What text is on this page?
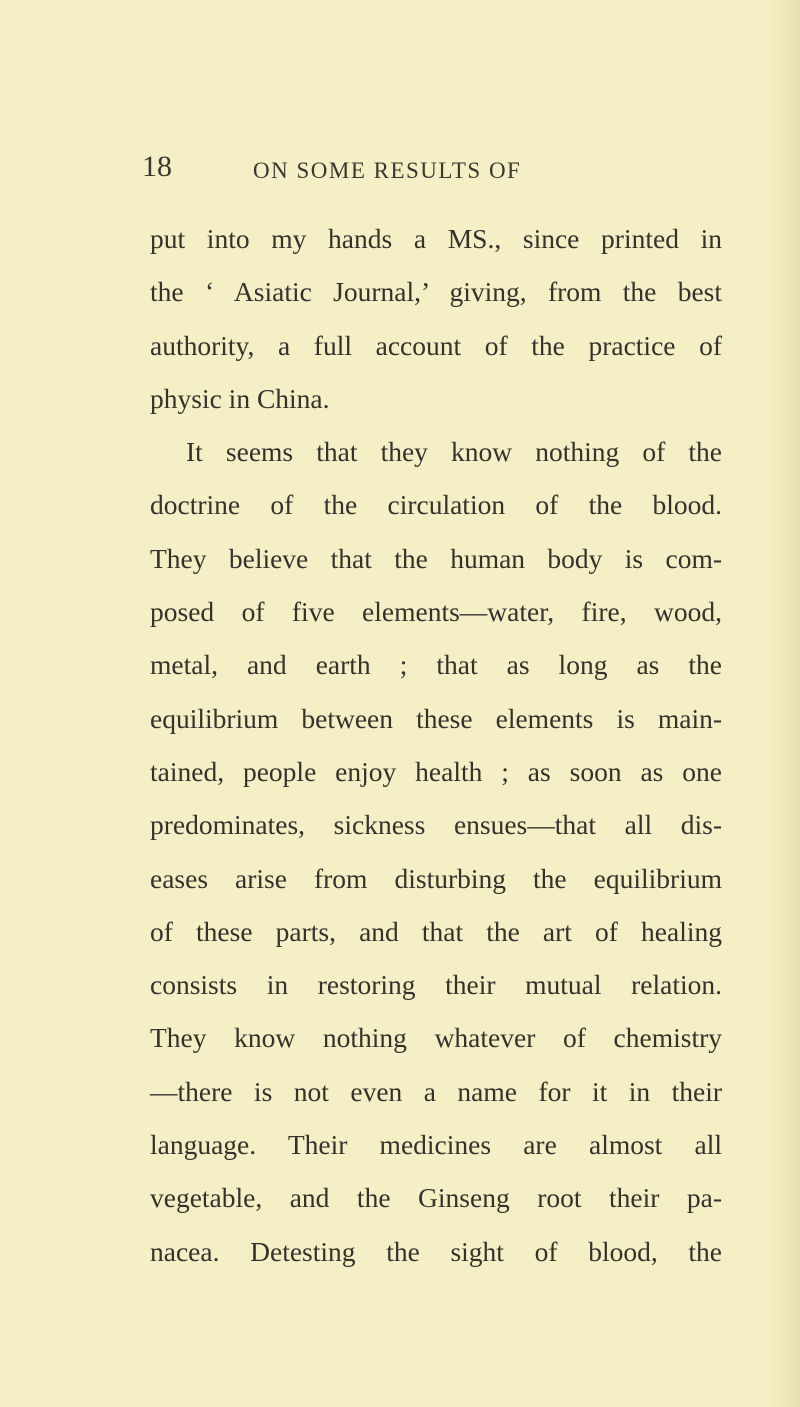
18	ON SOME RESULTS OF
put into my hands a MS., since printed in
the ‘ Asiatic Journal,’ giving, from the best
authority, a full account of the practice of
physic in China.
It seems that they know nothing of the
doctrine of the circulation of the blood.
They believe that the human body is com-
posed of five elements—water, fire, wood,
metal, and earth ; that as long as the
equilibrium between these elements is main-
tained, people enjoy health ; as soon as one
predominates, sickness ensues—that all dis-
eases arise from disturbing the equilibrium
of these parts, and that the art of healing
consists in restoring their mutual relation.
They know nothing whatever of chemistry
—there is not even a name for it in their
language. Their medicines are almost all
vegetable, and the Ginseng root their pa-
nacea. Detesting the sight of blood, the
